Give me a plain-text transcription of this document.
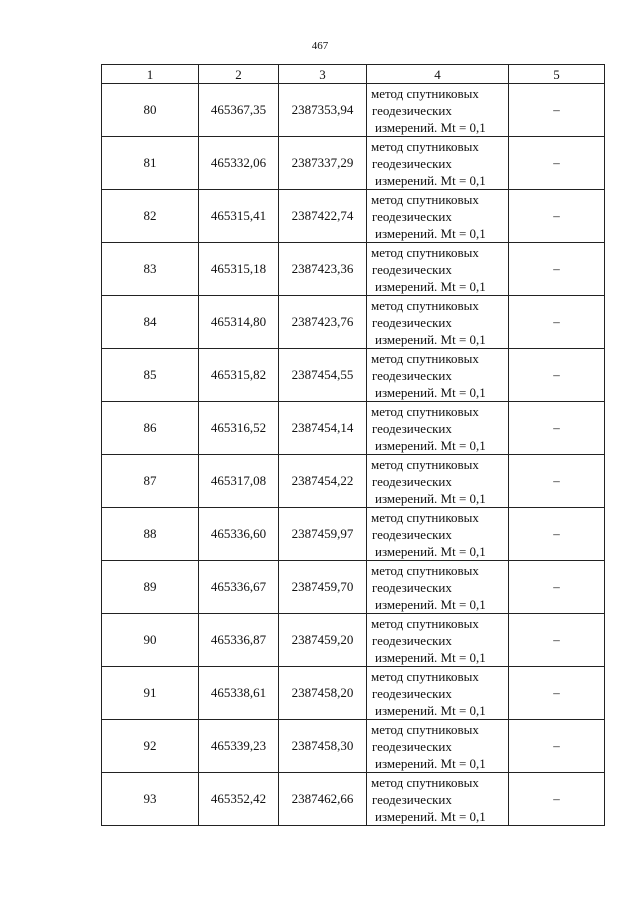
467
1	2	3	4	5
80	465367,35	2387353,94	метод спутниковых
геодезических
измерений. Mt = 0,1	–
81	465332,06	2387337,29	метод спутниковых
геодезических
измерений. Mt = 0,1	–
82	465315,41	2387422,74	метод спутниковых
геодезических
измерений. Mt = 0,1	–
83	465315,18	2387423,36	метод спутниковых
геодезических
измерений. Mt = 0,1	–
84	465314,80	2387423,76	метод спутниковых
геодезических
измерений. Mt = 0,1	–
85	465315,82	2387454,55	метод спутниковых
геодезических
измерений. Mt = 0,1	–
86	465316,52	2387454,14	метод спутниковых
геодезических
измерений. Mt = 0,1	–
87	465317,08	2387454,22	метод спутниковых
геодезических
измерений. Mt = 0,1	–
88	465336,60	2387459,97	метод спутниковых
геодезических
измерений. Mt = 0,1	–
89	465336,67	2387459,70	метод спутниковых
геодезических
измерений. Mt = 0,1	–
90	465336,87	2387459,20	метод спутниковых
геодезических
измерений. Mt = 0,1	–
91	465338,61	2387458,20	метод спутниковых
геодезических
измерений. Mt = 0,1	–
92	465339,23	2387458,30	метод спутниковых
геодезических
измерений. Mt = 0,1	–
93	465352,42	2387462,66	метод спутниковых
геодезических
измерений. Mt = 0,1	–
